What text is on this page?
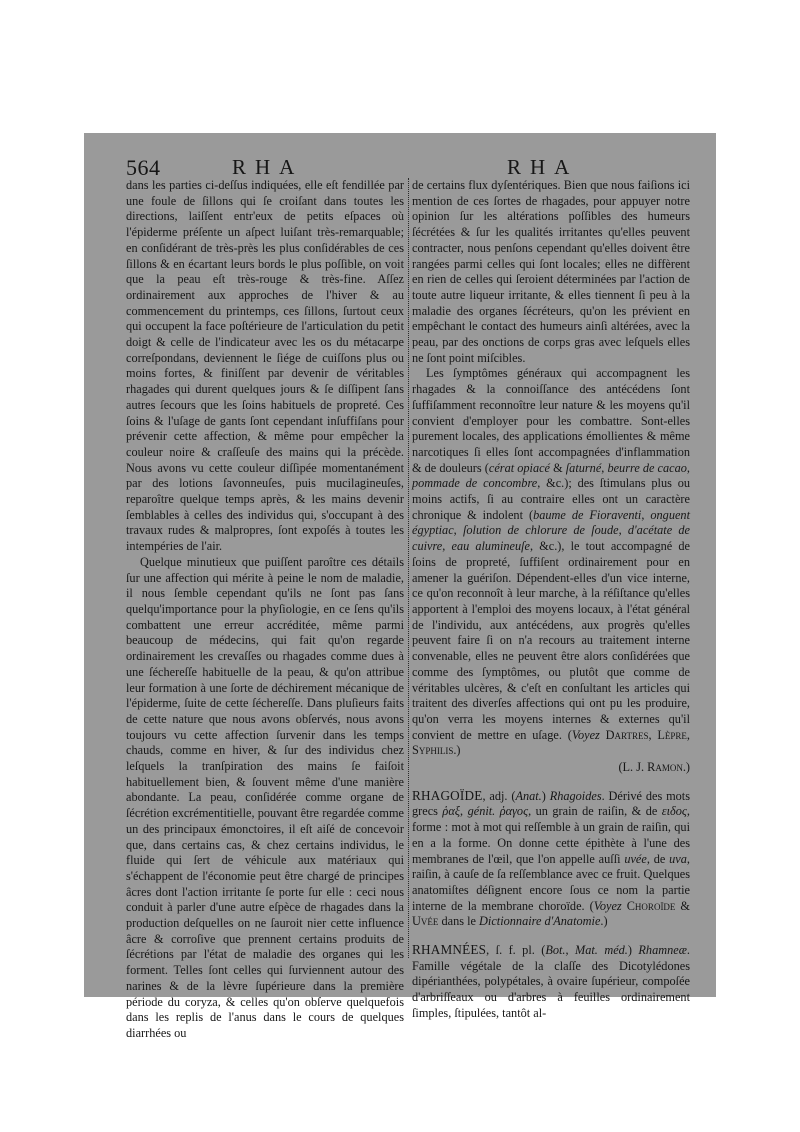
564	RHA	RHA

dans les parties ci-deſſus indiquées, elle eſt fendillée par une foule de ſillons qui ſe croiſant dans toutes les directions, laiſſent entr'eux de petits eſpaces où l'épiderme préſente un aſpect luiſant très-remarquable; en conſidérant de très-près les plus conſidérables de ces ſillons & en écartant leurs bords le plus poſſible, on voit que la peau eſt très-rouge & très-fine. Aſſez ordinairement aux approches de l'hiver & au commencement du printemps, ces ſillons, ſurtout ceux qui occupent la face poſtérieure de l'articulation du petit doigt & celle de l'indicateur avec les os du métacarpe correſpondans, deviennent le ſiége de cuiſſons plus ou moins fortes, & finiſſent par devenir de véritables rhagades qui durent quelques jours & ſe diſſipent ſans autres ſecours que les ſoins habituels de propreté. Ces ſoins & l'uſage de gants ſont cependant inſuffiſans pour prévenir cette affection, & même pour empêcher la couleur noire & craſſeuſe des mains qui la précède. Nous avons vu cette couleur diſſipée momentanément par des lotions ſavonneuſes, puis mucilagineuſes, reparoître quelque temps après, & les mains devenir ſemblables à celles des individus qui, s'occupant à des travaux rudes & malpropres, ſont expoſés à toutes les intempéries de l'air.

Quelque minutieux que puiſſent paroître ces détails ſur une affection qui mérite à peine le nom de maladie, il nous ſemble cependant qu'ils ne ſont pas ſans quelqu'importance pour la phyſiologie, en ce ſens qu'ils combattent une erreur accréditée, même parmi beaucoup de médecins, qui fait qu'on regarde ordinairement les crevaſſes ou rhagades comme dues à une ſéchereſſe habituelle de la peau, & qu'on attribue leur formation à une ſorte de déchirement mécanique de l'épiderme, ſuite de cette ſéchereſſe. Dans pluſieurs faits de cette nature que nous avons obſervés, nous avons toujours vu cette affection ſurvenir dans les temps chauds, comme en hiver, & ſur des individus chez leſquels la tranſpiration des mains ſe faiſoit habituellement bien, & ſouvent même d'une manière abondante. La peau, conſidérée comme organe de ſécrétion excrémentitielle, pouvant être regardée comme un des principaux émonctoires, il eſt aiſé de concevoir que, dans certains cas, & chez certains individus, le fluide qui ſert de véhicule aux matériaux qui s'échappent de l'économie peut être chargé de principes âcres dont l'action irritante ſe porte ſur elle : ceci nous conduit à parler d'une autre eſpèce de rhagades dans la production deſquelles on ne ſauroit nier cette influence âcre & corroſive que prennent certains produits de ſécrétions par l'état de maladie des organes qui les forment. Telles ſont celles qui ſurviennent autour des narines & de la lèvre ſupérieure dans la première période du coryza, & celles qu'on obſerve quelquefois dans les replis de l'anus dans le cours de quelques diarrhées ou

de certains flux dyſentériques. Bien que nous faiſions ici mention de ces ſortes de rhagades, pour appuyer notre opinion ſur les altérations poſſibles des humeurs ſécrétées & ſur les qualités irritantes qu'elles peuvent contracter, nous penſons cependant qu'elles doivent être rangées parmi celles qui ſont locales; elles ne diffèrent en rien de celles qui ſeroient déterminées par l'action de toute autre liqueur irritante, & elles tiennent ſi peu à la maladie des organes ſécréteurs, qu'on les prévient en empêchant le contact des humeurs ainſi altérées, avec la peau, par des onctions de corps gras avec leſquels elles ne ſont point miſcibles.

Les ſymptômes généraux qui accompagnent les rhagades & la connoiſſance des antécédens ſont ſuffiſamment reconnoître leur nature & les moyens qu'il convient d'employer pour les combattre. Sont-elles purement locales, des applications émollientes & même narcotiques ſi elles ſont accompagnées d'inflammation & de douleurs (cérat opiacé & ſaturné, beurre de cacao, pommade de concombre, &c.); des ſtimulans plus ou moins actifs, ſi au contraire elles ont un caractère chronique & indolent (baume de Fioraventi, onguent égyptiac, ſolution de chlorure de ſoude, d'acétate de cuivre, eau alumineuſe, &c.), le tout accompagné de ſoins de propreté, ſuffiſent ordinairement pour en amener la guériſon. Dépendent-elles d'un vice interne, ce qu'on reconnoît à leur marche, à la réſiſtance qu'elles apportent à l'emploi des moyens locaux, à l'état général de l'individu, aux antécédens, aux progrès qu'elles peuvent faire ſi on n'a recours au traitement interne convenable, elles ne peuvent être alors conſidérées que comme des ſymptômes, ou plutôt que comme de véritables ulcères, & c'eſt en conſultant les articles qui traitent des diverſes affections qui ont pu les produire, qu'on verra les moyens internes & externes qu'il convient de mettre en uſage. (Voyez Dartres, Lèpre, Syphilis.)

(L. J. Ramon.)

RHAGOÏDE, adj. (Anat.) Rhagoides. Dérivé des mots grecs ῥαξ, génit. ῥαγος, un grain de raiſin, & de ειδος, forme : mot à mot qui reſſemble à un grain de raiſin, qui en a la forme. On donne cette épithète à l'une des membranes de l'œil, que l'on appelle auſſi uvée, de uva, raiſin, à cauſe de ſa reſſemblance avec ce fruit. Quelques anatomiſtes déſignent encore ſous ce nom la partie interne de la membrane choroïde. (Voyez Choroïde & Uvée dans le Dictionnaire d'Anatomie.)

RHAMNÉES, ſ. f. pl. (Bot., Mat. méd.) Rhamneæ. Famille végétale de la claſſe des Dicotylédones dipérianthées, polypétales, à ovaire ſupérieur, compoſée d'arbriſſeaux ou d'arbres à feuilles ordinairement ſimples, ſtipulées, tantôt al-
